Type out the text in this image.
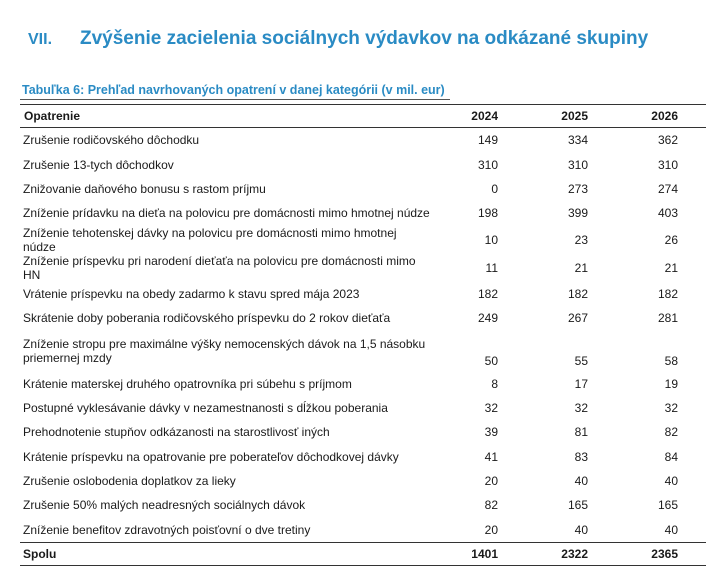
VII. Zvýšenie zacielenia sociálnych výdavkov na odkázané skupiny
Tabuľka 6: Prehľad navrhovaných opatrení v danej kategórii (v mil. eur)
Opatrenie	2024	2025	2026
Zrušenie rodičovského dôchodku	149	334	362
Zrušenie 13-tych dôchodkov	310	310	310
Znižovanie daňového bonusu s rastom príjmu	0	273	274
Zníženie prídavku na dieťa na polovicu pre domácnosti mimo hmotnej núdze	198	399	403
Zníženie tehotenskej dávky na polovicu pre domácnosti mimo hmotnej núdze	10	23	26
Zníženie príspevku pri narodení dieťaťa na polovicu pre domácnosti mimo HN	11	21	21
Vrátenie príspevku na obedy zadarmo k stavu spred mája 2023	182	182	182
Skrátenie doby poberania rodičovského príspevku do 2 rokov dieťaťa	249	267	281
Zníženie stropu pre maximálne výšky nemocenských dávok na 1,5 násobku priemernej mzdy	50	55	58
Krátenie materskej druhého opatrovníka pri súbehu s príjmom	8	17	19
Postupné vyklesávanie dávky v nezamestnanosti s dĺžkou poberania	32	32	32
Prehodnotenie stupňov odkázanosti na starostlivosť iných	39	81	82
Krátenie príspevku na opatrovanie pre poberateľov dôchodkovej dávky	41	83	84
Zrušenie oslobodenia doplatkov za lieky	20	40	40
Zrušenie 50% malých neadresných sociálnych dávok	82	165	165
Zníženie benefitov zdravotných poisťovní o dve tretiny	20	40	40
Spolu	1401	2322	2365
